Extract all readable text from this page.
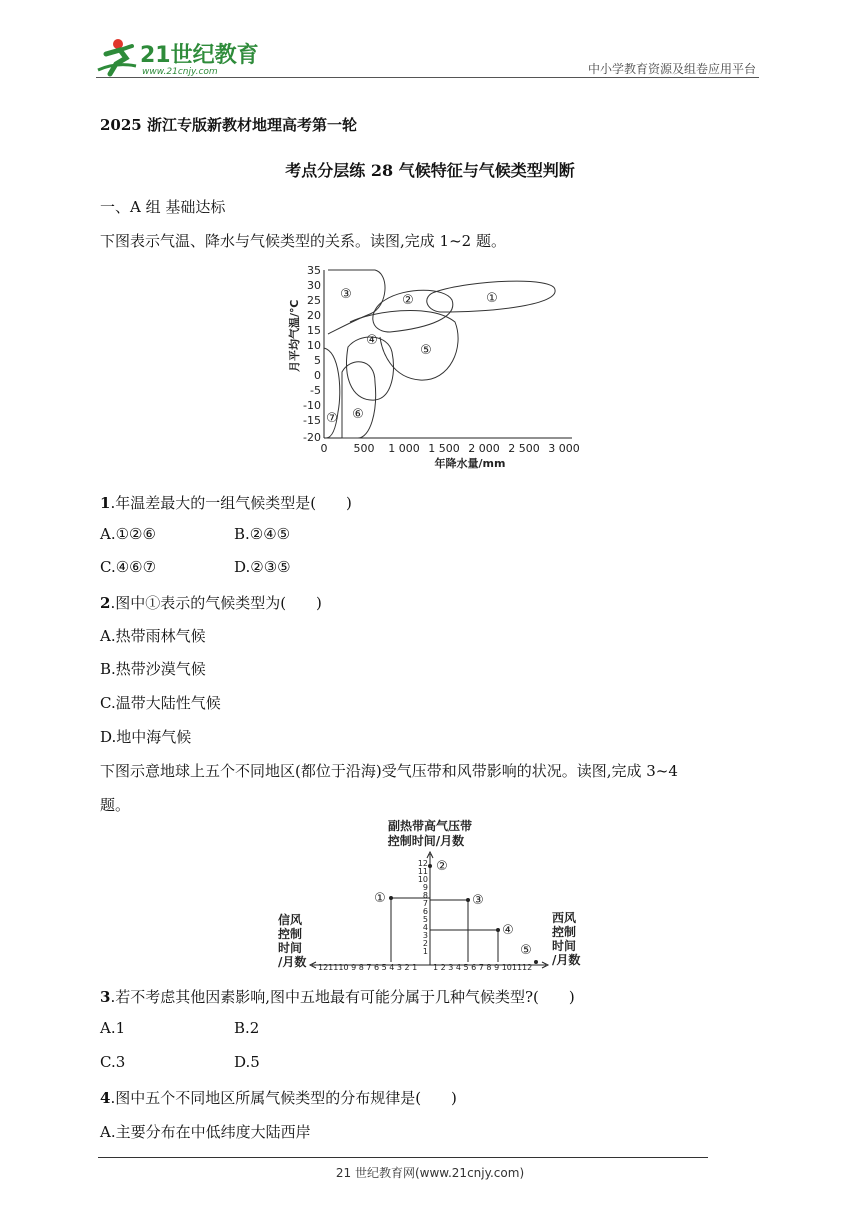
21世纪教育
www.21cnjy.com	中小学教育资源及组卷应用平台
2025 浙江专版新教材地理高考第一轮
考点分层练 28 气候特征与气候类型判断
一、A 组 基础达标
下图表示气温、降水与气候类型的关系。读图,完成 1~2 题。
35
30
25
20
15
10
5
0
-5
-10
-15
-20
0 500 1 000 1 500 2 000 2 500 3 000
年降水量/mm
月平均气温/℃
①
②
③
④
⑤
⑥
⑦
1.年温差最大的一组气候类型是(　　)
A.①②⑥	B.②④⑤
C.④⑥⑦	D.②③⑤
2.图中①表示的气候类型为(　　)
A.热带雨林气候
B.热带沙漠气候
C.温带大陆性气候
D.地中海气候
下图示意地球上五个不同地区(都位于沿海)受气压带和风带影响的状况。读图,完成 3~4
题。
副热带高气压带
控制时间/月数
信风
控制
时间
/月数
西风
控制
时间
/月数
12
11
10
9
8
7
6
5
4
3
2
1
121110 9 8 7 6 5 4 3 2 1 1 2 3 4 5 6 7 8 9 101112
①
②
③
④
⑤
3.若不考虑其他因素影响,图中五地最有可能分属于几种气候类型?(　　)
A.1	B.2
C.3	D.5
4.图中五个不同地区所属气候类型的分布规律是(　　)
A.主要分布在中低纬度大陆西岸
21 世纪教育网(www.21cnjy.com)
